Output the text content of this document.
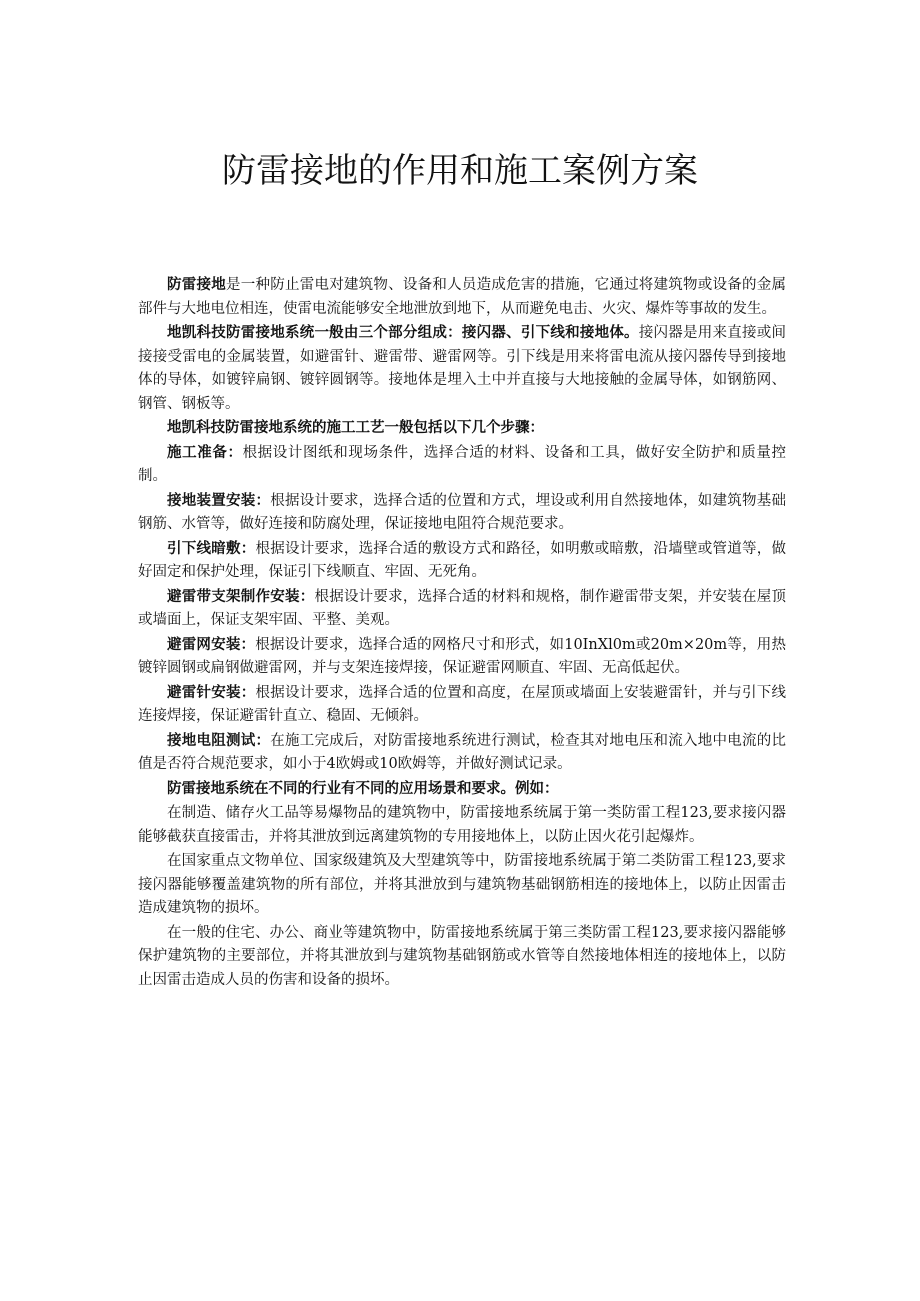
防雷接地的作用和施工案例方案

防雷接地是一种防止雷电对建筑物、设备和人员造成危害的措施，它通过将建筑物或设备的金属部件与大地电位相连，使雷电流能够安全地泄放到地下，从而避免电击、火灾、爆炸等事故的发生。

地凯科技防雷接地系统一般由三个部分组成：接闪器、引下线和接地体。接闪器是用来直接或间接接受雷电的金属装置，如避雷针、避雷带、避雷网等。引下线是用来将雷电流从接闪器传导到接地体的导体，如镀锌扁钢、镀锌圆钢等。接地体是埋入土中并直接与大地接触的金属导体，如钢筋网、钢管、钢板等。

地凯科技防雷接地系统的施工工艺一般包括以下几个步骤：

施工准备：根据设计图纸和现场条件，选择合适的材料、设备和工具，做好安全防护和质量控制。

接地装置安装：根据设计要求，选择合适的位置和方式，埋设或利用自然接地体，如建筑物基础钢筋、水管等，做好连接和防腐处理，保证接地电阻符合规范要求。

引下线暗敷：根据设计要求，选择合适的敷设方式和路径，如明敷或暗敷，沿墙壁或管道等，做好固定和保护处理，保证引下线顺直、牢固、无死角。

避雷带支架制作安装：根据设计要求，选择合适的材料和规格，制作避雷带支架，并安装在屋顶或墙面上，保证支架牢固、平整、美观。

避雷网安装：根据设计要求，选择合适的网格尺寸和形式，如10InXl0m或20m×20m等，用热镀锌圆钢或扁钢做避雷网，并与支架连接焊接，保证避雷网顺直、牢固、无高低起伏。

避雷针安装：根据设计要求，选择合适的位置和高度，在屋顶或墙面上安装避雷针，并与引下线连接焊接，保证避雷针直立、稳固、无倾斜。

接地电阻测试：在施工完成后，对防雷接地系统进行测试，检查其对地电压和流入地中电流的比值是否符合规范要求，如小于4欧姆或10欧姆等，并做好测试记录。

防雷接地系统在不同的行业有不同的应用场景和要求。例如：

在制造、储存火工品等易爆物品的建筑物中，防雷接地系统属于第一类防雷工程123,要求接闪器能够截获直接雷击，并将其泄放到远离建筑物的专用接地体上，以防止因火花引起爆炸。

在国家重点文物单位、国家级建筑及大型建筑等中，防雷接地系统属于第二类防雷工程123,要求接闪器能够覆盖建筑物的所有部位，并将其泄放到与建筑物基础钢筋相连的接地体上，以防止因雷击造成建筑物的损坏。

在一般的住宅、办公、商业等建筑物中，防雷接地系统属于第三类防雷工程123,要求接闪器能够保护建筑物的主要部位，并将其泄放到与建筑物基础钢筋或水管等自然接地体相连的接地体上，以防止因雷击造成人员的伤害和设备的损坏。
